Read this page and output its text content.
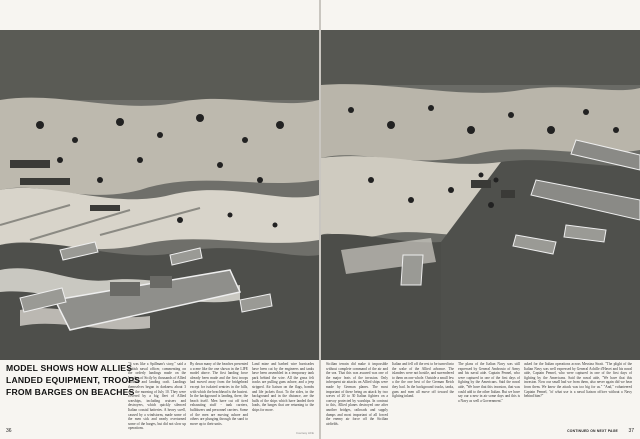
MODEL SHOWS HOW ALLIES
LANDED EQUIPMENT, TROOPS
FROM BARGES ON BEACHES
"It was like a Spillman's story," said a British naval officer, commenting on the orderly landings made on the beaches of Sicily by thousands of Allied soldiers and landing craft. Landings themselves began in darkness about 3 a.m. the morning of July 10. They were covered by a big fleet of Allied warships, including cruisers and destroyers, which quickly silenced Italian coastal batteries. A heavy swell, caused by a windstorm, made some of the men sick and nearly overturned some of the barges, but did not slow up operations.
By dawn many of the beaches presented a scene like the one shown in the LIFE model above. The first landing force already been made and the first troops had moved away from the bridgehead except for isolated sentries in the hills, with which the beachhead is the busiest. In the background is landing, there, the beach itself. Men have cut off tired exhausting stuff - tank carriers, bulldozers and personnel carriers. Some of the men are moving ashore and others are plunging through the sand to move up to their units.
Land mine and barbed wire barricades have been cut by the engineers and tanks have been assembled in a temporary tank park behind the wire. All the grass felt tracks are pulling guns ashore, and a jeep stripped. Air liaison on the flags, bombs and life jackets float. To the sides, in the background and in the distance, are the hulls of the ships which have landed their loads, the barges that are returning to the ships for more.
36
Sicilian terrain did make it impossible without complete command of the air and the sea. That this was assured was one of the major feats of the invasion. Only infrequent air attacks on Allied ships were made by German planes. The most important of these being an attack by two waves of 20 to 30 Italian fighters on a convoy protected by warships. In contrast to this, Allied planes destroyed one after another bridges, railroads and supply dumps and most important of all forced the enemy air force off the Sicilian airfields.
Italian and fell off the rest to be turned into the wake of the Allied advance. The islanders were not hostile, and surrendered to them on one whole. Outside a small few a the the one best of the German Reich they had. In the background trucks, tanks, guns and men all move off toward the fighting inland.
The plans of the Italian Navy was still expressed by General Ambrosio of Army and his naval aide. Captain Pennel, who were captured in one of the first days of fighting by the Americans. Said the naval aide, "We have that this invasion, that was could add to the other Italian. But we have say our a new in air some days and this is a Navy as well a Government."
asked for the Italian operations across Messina Strait. "The plight of the Italian Navy was well expressed by General Achille d'Havet and his naval aide, Captain Pennel, who were captured in one of the first days of fighting by the Americans. Said the naval aide, "We have that this invasion. Now our small had we from them, also never again did we hear from them. We knew the attack was too big for us." "And," volunteered Captain Pennel, "of what use is a naval liaison officer without a Navy behind him?"
Courtesy LIFE	CONTINUED ON NEXT PAGE 37
